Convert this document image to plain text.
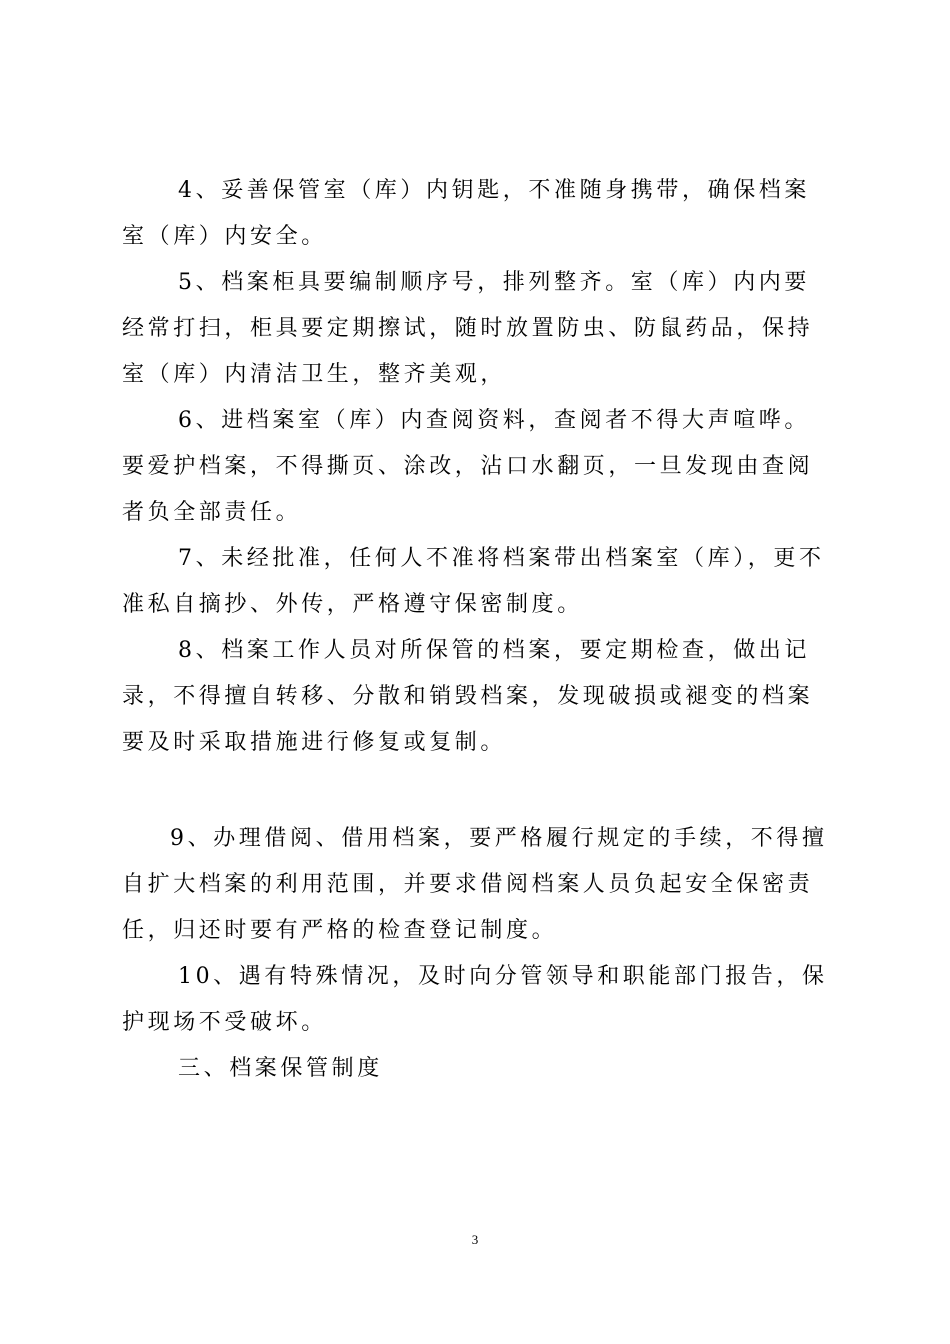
4、妥善保管室（库）内钥匙，不准随身携带，确保档案室（库）内安全。

5、档案柜具要编制顺序号，排列整齐。室（库）内内要经常打扫，柜具要定期擦试，随时放置防虫、防鼠药品，保持室（库）内清洁卫生，整齐美观，

6、进档案室（库）内查阅资料，查阅者不得大声喧哗。要爱护档案，不得撕页、涂改，沾口水翻页，一旦发现由查阅者负全部责任。

7、未经批准，任何人不准将档案带出档案室（库），更不准私自摘抄、外传，严格遵守保密制度。

8、档案工作人员对所保管的档案，要定期检查，做出记录，不得擅自转移、分散和销毁档案，发现破损或褪变的档案要及时采取措施进行修复或复制。

9、办理借阅、借用档案，要严格履行规定的手续，不得擅自扩大档案的利用范围，并要求借阅档案人员负起安全保密责任，归还时要有严格的检查登记制度。

10、遇有特殊情况，及时向分管领导和职能部门报告，保护现场不受破坏。

三、档案保管制度

3
